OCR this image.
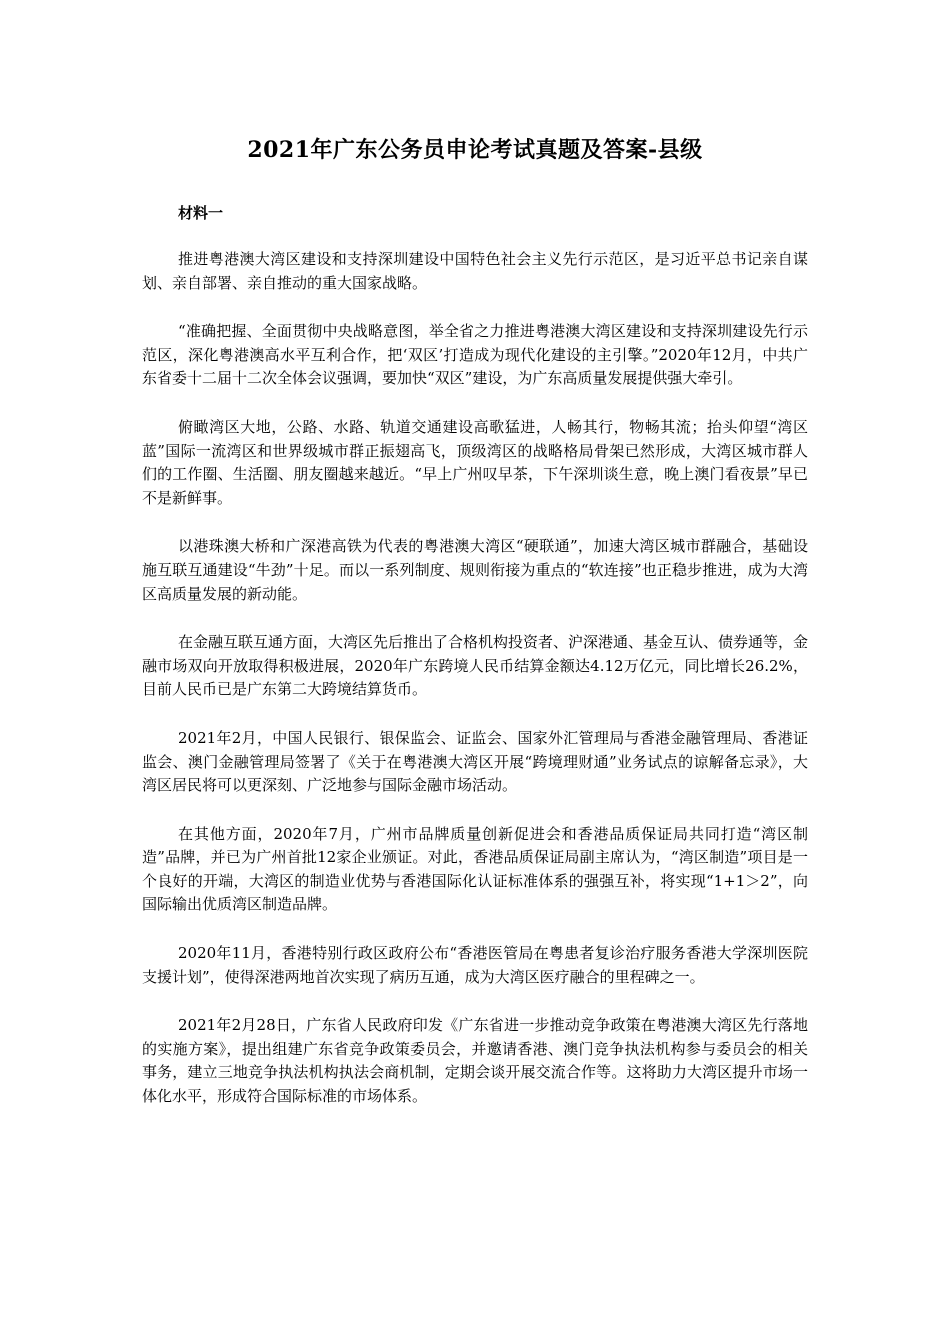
2021年广东公务员申论考试真题及答案-县级
材料一

推进粤港澳大湾区建设和支持深圳建设中国特色社会主义先行示范区，是习近平总书记亲自谋划、亲自部署、亲自推动的重大国家战略。

“准确把握、全面贯彻中央战略意图，举全省之力推进粤港澳大湾区建设和支持深圳建设先行示范区，深化粤港澳高水平互利合作，把‘双区’打造成为现代化建设的主引擎。”2020年12月，中共广东省委十二届十二次全体会议强调，要加快“双区”建设，为广东高质量发展提供强大牵引。

俯瞰湾区大地，公路、水路、轨道交通建设高歌猛进，人畅其行，物畅其流；抬头仰望“湾区蓝”国际一流湾区和世界级城市群正振翅高飞，顶级湾区的战略格局骨架已然形成，大湾区城市群人们的工作圈、生活圈、朋友圈越来越近。“早上广州叹早茶，下午深圳谈生意，晚上澳门看夜景”早已不是新鲜事。

以港珠澳大桥和广深港高铁为代表的粤港澳大湾区“硬联通”，加速大湾区城市群融合，基础设施互联互通建设“牛劲”十足。而以一系列制度、规则衔接为重点的“软连接”也正稳步推进，成为大湾区高质量发展的新动能。

在金融互联互通方面，大湾区先后推出了合格机构投资者、沪深港通、基金互认、债券通等，金融市场双向开放取得积极进展，2020年广东跨境人民币结算金额达4.12万亿元，同比增长26.2%，目前人民币已是广东第二大跨境结算货币。

2021年2月，中国人民银行、银保监会、证监会、国家外汇管理局与香港金融管理局、香港证监会、澳门金融管理局签署了《关于在粤港澳大湾区开展“跨境理财通”业务试点的谅解备忘录》，大湾区居民将可以更深刻、广泛地参与国际金融市场活动。

在其他方面，2020年7月，广州市品牌质量创新促进会和香港品质保证局共同打造“湾区制造”品牌，并已为广州首批12家企业颁证。对此，香港品质保证局副主席认为，“湾区制造”项目是一个良好的开端，大湾区的制造业优势与香港国际化认证标准体系的强强互补，将实现“1+1＞2”，向国际输出优质湾区制造品牌。

2020年11月，香港特别行政区政府公布“香港医管局在粤患者复诊治疗服务香港大学深圳医院支援计划”，使得深港两地首次实现了病历互通，成为大湾区医疗融合的里程碑之一。

2021年2月28日，广东省人民政府印发《广东省进一步推动竞争政策在粤港澳大湾区先行落地的实施方案》，提出组建广东省竞争政策委员会，并邀请香港、澳门竞争执法机构参与委员会的相关事务，建立三地竞争执法机构执法会商机制，定期会谈开展交流合作等。这将助力大湾区提升市场一体化水平，形成符合国际标准的市场体系。
